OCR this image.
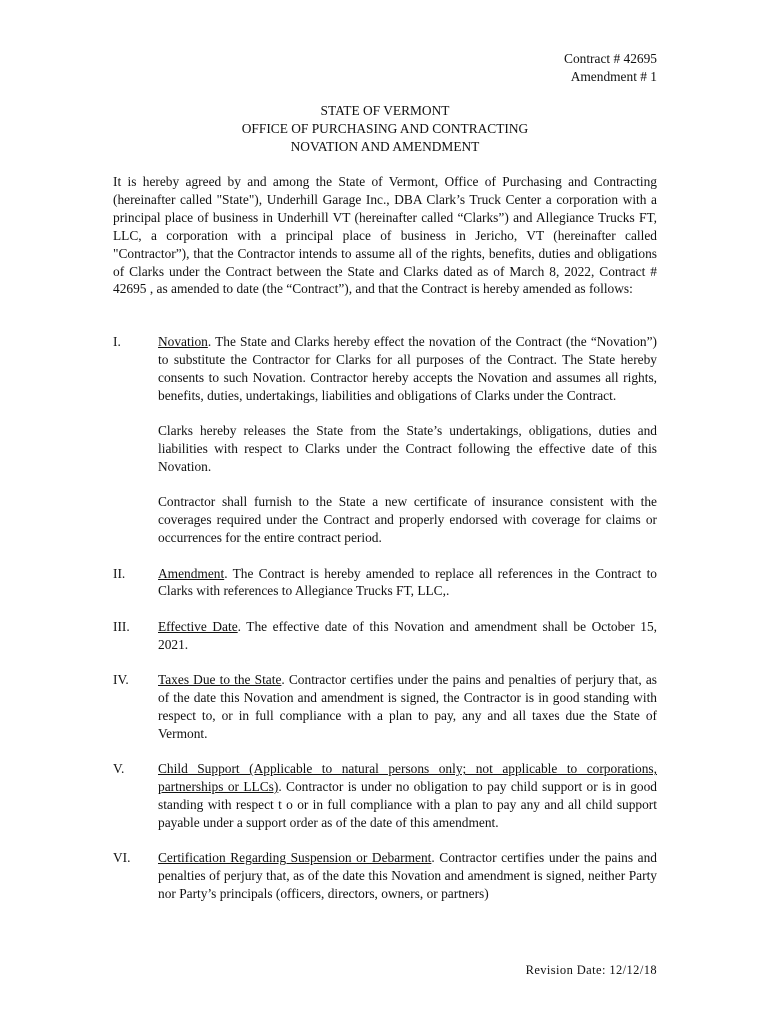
Contract # 42695
Amendment # 1
STATE OF VERMONT
OFFICE OF PURCHASING AND CONTRACTING
NOVATION AND AMENDMENT

It is hereby agreed by and among the State of Vermont, Office of Purchasing and Contracting (hereinafter called "State"), Underhill Garage Inc., DBA Clark’s Truck Center a corporation with a principal place of business in Underhill VT (hereinafter called “Clarks”) and Allegiance Trucks FT, LLC, a corporation with a principal place of business in Jericho, VT (hereinafter called "Contractor”), that the Contractor intends to assume all of the rights, benefits, duties and obligations of Clarks under the Contract between the State and Clarks dated as of March 8, 2022, Contract # 42695 , as amended to date (the “Contract”), and that the Contract is hereby amended as follows:

I.	Novation. The State and Clarks hereby effect the novation of the Contract (the “Novation”) to substitute the Contractor for Clarks for all purposes of the Contract. The State hereby consents to such Novation. Contractor hereby accepts the Novation and assumes all rights, benefits, duties, undertakings, liabilities and obligations of Clarks under the Contract.

Clarks hereby releases the State from the State’s undertakings, obligations, duties and liabilities with respect to Clarks under the Contract following the effective date of this Novation.

Contractor shall furnish to the State a new certificate of insurance consistent with the coverages required under the Contract and properly endorsed with coverage for claims or occurrences for the entire contract period.

II. Amendment. The Contract is hereby amended to replace all references in the Contract to Clarks with references to Allegiance Trucks FT, LLC,.

III. Effective Date. The effective date of this Novation and amendment shall be October 15, 2021.

IV. Taxes Due to the State. Contractor certifies under the pains and penalties of perjury that, as of the date this Novation and amendment is signed, the Contractor is in good standing with respect to, or in full compliance with a plan to pay, any and all taxes due the State of Vermont.

V.	Child Support (Applicable to natural persons only; not applicable to corporations, partnerships or LLCs). Contractor is under no obligation to pay child support or is in good standing with respect t o or in full compliance with a plan to pay any and all child support payable under a support order as of the date of this amendment.

VI. Certification Regarding Suspension or Debarment. Contractor certifies under the pains and penalties of perjury that, as of the date this Novation and amendment is signed, neither Party nor Party’s principals (officers, directors, owners, or partners)

Revision Date: 12/12/18
